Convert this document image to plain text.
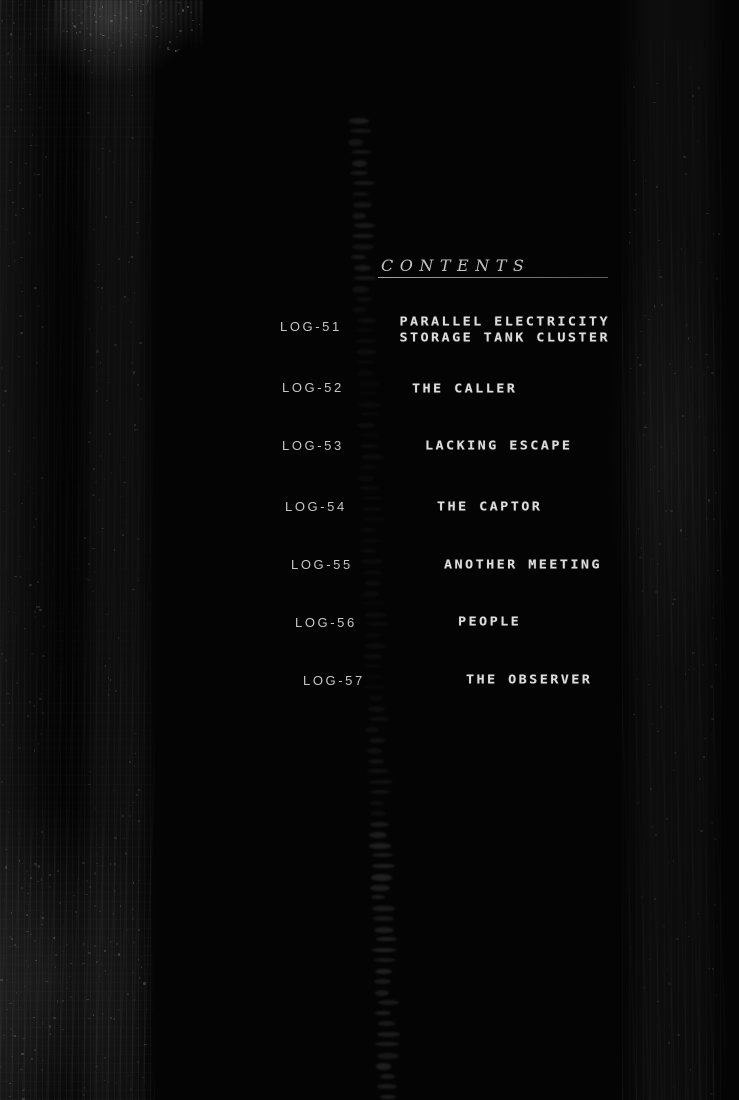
CONTENTS
LOG-51	PARALLEL ELECTRICITY
STORAGE TANK CLUSTER
LOG-52	THE CALLER
LOG-53	LACKING ESCAPE
LOG-54	THE CAPTOR
LOG-55	ANOTHER MEETING
LOG-56	PEOPLE
LOG-57	THE OBSERVER
